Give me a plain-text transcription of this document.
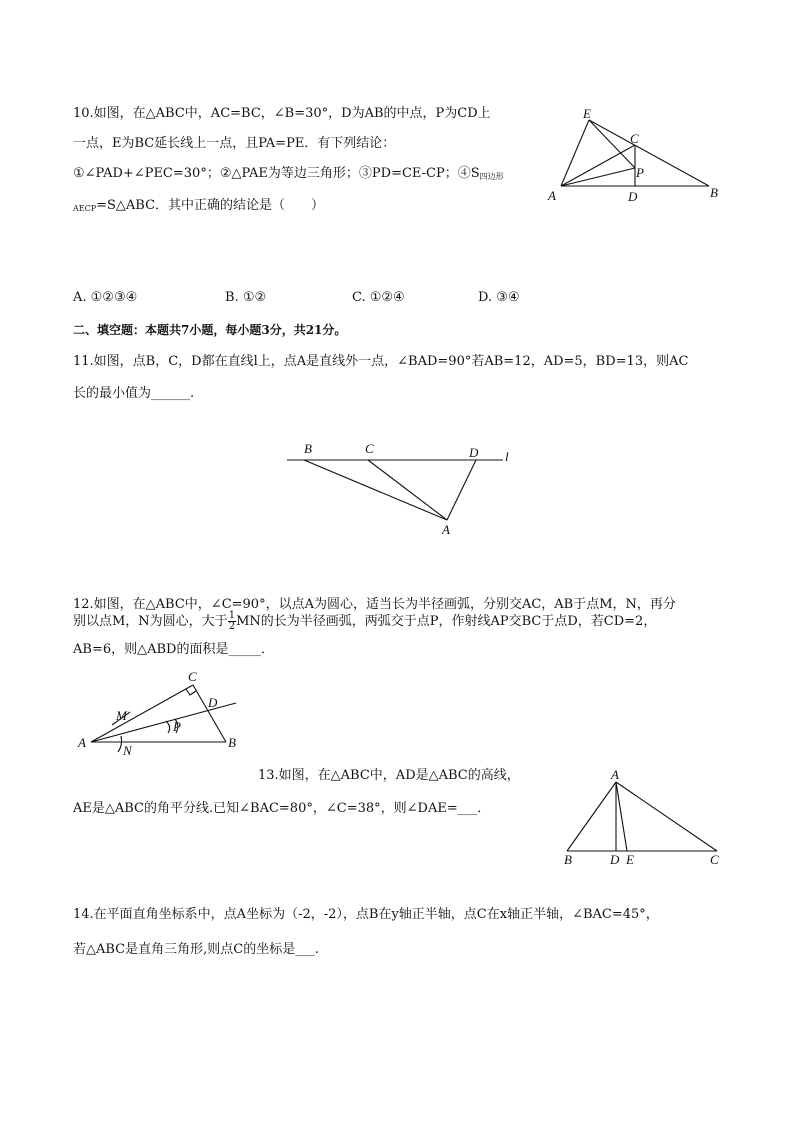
10.如图，在△ABC中，AC=BC，∠B=30°，D为AB的中点，P为CD上
一点，E为BC延长线上一点，且PA=PE．有下列结论：
①∠PAD+∠PEC=30°；②△PAE为等边三角形；③PD=CE-CP；$④S_{四边形}$
$_{AECP}$=S△ABC．其中正确的结论是（　　）
E
C
P
A	D	B
A. ①②③④	B. ①②	C. ①②④	D. ③④
二、填空题：本题共7小题，每小题3分，共21分。
11.如图，点B，C，D都在直线l上，点A是直线外一点，∠BAD=90°若AB=12，AD=5，BD=13，则AC
长的最小值为______.
B	C	D l
A
12.如图，在△ABC中，∠C=90°，以点A为圆心，适当长为半径画弧，分别交AC，AB于点M，N，再分
别以点M，N为圆心，大于 $\frac{1}{2}$ MN的长为半径画弧，两弧交于点P，作射线AP交BC于点D，若CD=2，
AB=6，则△ABD的面积是_____．
C
M
D
P
A
N
B
13.如图，在△ABC中，AD是△ABC的高线，
AE是△ABC的角平分线.已知∠BAC=80°，∠C=38°，则∠DAE=___．
A
B	D E	C
14.在平面直角坐标系中，点A坐标为（-2，-2），点B在y轴正半轴，点C在x轴正半轴，∠BAC=45°，
若△ABC是直角三角形,则点C的坐标是___.
